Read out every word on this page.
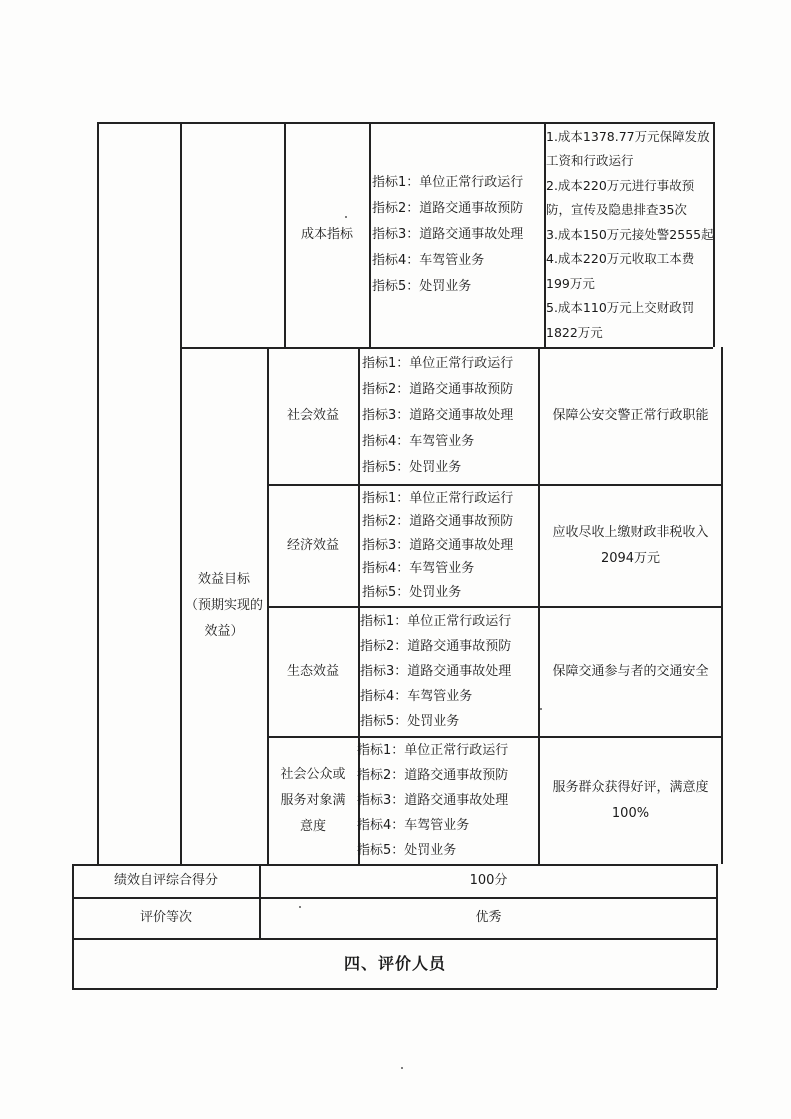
成本指标
指标1：单位正常行政运行
指标2：道路交通事故预防
指标3：道路交通事故处理
指标4：车驾管业务
指标5：处罚业务
1.成本1378.77万元保障发放
工资和行政运行
2.成本220万元进行事故预
防，宣传及隐患排查35次
3.成本150万元接处警2555起
4.成本220万元收取工本费
199万元
5.成本110万元上交财政罚
1822万元
效益目标
（预期实现的
效益）
社会效益
指标1：单位正常行政运行
指标2：道路交通事故预防
指标3：道路交通事故处理
指标4：车驾管业务
指标5：处罚业务
保障公安交警正常行政职能
经济效益
指标1：单位正常行政运行
指标2：道路交通事故预防
指标3：道路交通事故处理
指标4：车驾管业务
指标5：处罚业务
应收尽收上缴财政非税收入
2094万元
生态效益
指标1：单位正常行政运行
指标2：道路交通事故预防
指标3：道路交通事故处理
指标4：车驾管业务
指标5：处罚业务
保障交通参与者的交通安全
社会公众或
服务对象满
意度
指标1：单位正常行政运行
指标2：道路交通事故预防
指标3：道路交通事故处理
指标4：车驾管业务
指标5：处罚业务
服务群众获得好评，满意度
100%
绩效自评综合得分	100分
评价等次	优秀
四、评价人员
